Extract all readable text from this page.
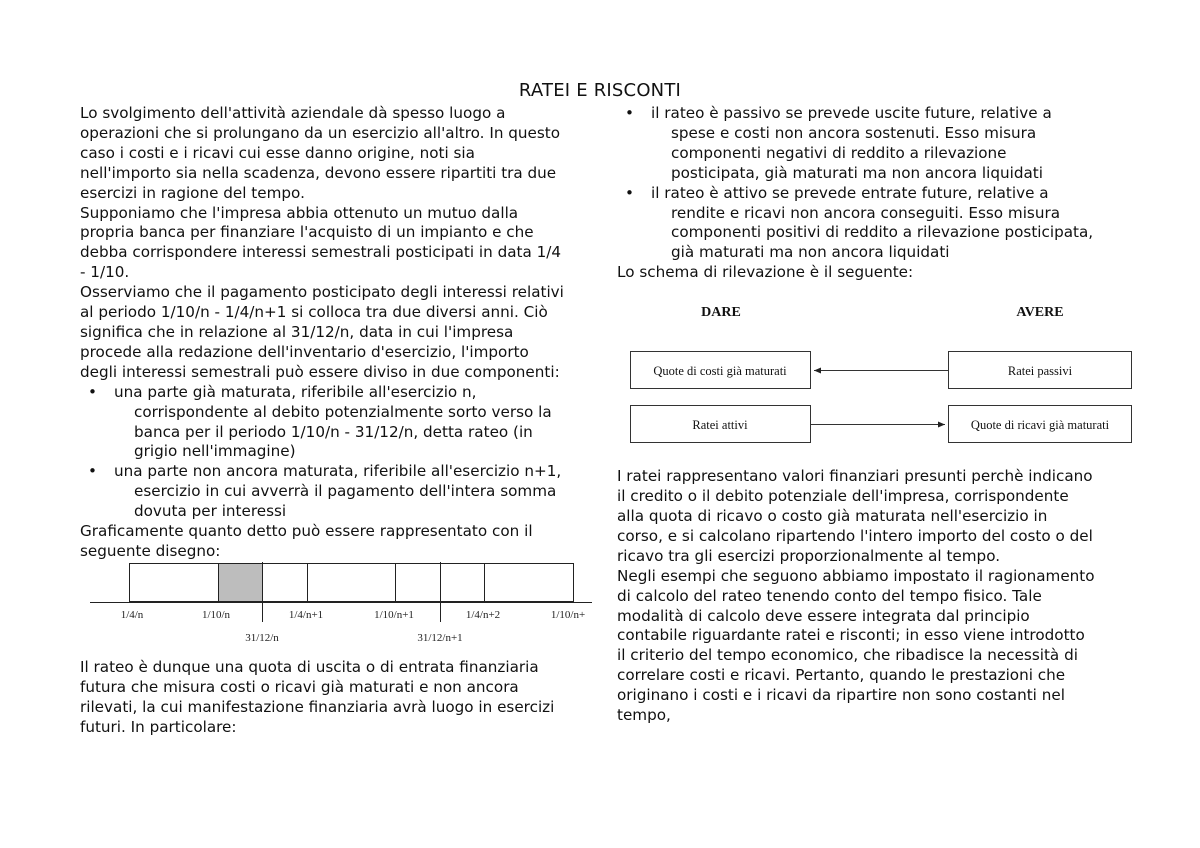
RATEI E RISCONTI

Lo svolgimento dell'attività aziendale dà spesso luogo a operazioni che si prolungano da un esercizio all'altro. In questo caso i costi e i ricavi cui esse danno origine, noti sia nell'importo sia nella scadenza, devono essere ripartiti tra due esercizi in ragione del tempo.

Supponiamo che l'impresa abbia ottenuto un mutuo dalla propria banca per finanziare l'acquisto di un impianto e che debba corrispondere interessi semestrali posticipati in data 1/4 - 1/10.

Osserviamo che il pagamento posticipato degli interessi relativi al periodo 1/10/n - 1/4/n+1 si colloca tra due diversi anni. Ciò significa che in relazione al 31/12/n, data in cui l'impresa procede alla redazione dell'inventario d'esercizio, l'importo degli interessi semestrali può essere diviso in due componenti:

• una parte già maturata, riferibile all'esercizio n, corrispondente al debito potenzialmente sorto verso la banca per il periodo 1/10/n - 31/12/n, detta rateo (in grigio nell'immagine)
• una parte non ancora maturata, riferibile all'esercizio n+1, esercizio in cui avverrà il pagamento dell'intera somma dovuta per interessi

Graficamente quanto detto può essere rappresentato con il seguente disegno:

1/4/n	1/10/n	1/4/n+1	1/10/n+1	1/4/n+2	1/10/n+
31/12/n	31/12/n+1

Il rateo è dunque una quota di uscita o di entrata finanziaria futura che misura costi o ricavi già maturati e non ancora rilevati, la cui manifestazione finanziaria avrà luogo in esercizi futuri. In particolare:

• il rateo è passivo se prevede uscite future, relative a spese e costi non ancora sostenuti. Esso misura componenti negativi di reddito a rilevazione posticipata, già maturati ma non ancora liquidati
• il rateo è attivo se prevede entrate future, relative a rendite e ricavi non ancora conseguiti. Esso misura componenti positivi di reddito a rilevazione posticipata, già maturati ma non ancora liquidati

Lo schema di rilevazione è il seguente:

DARE	AVERE
Quote di costi già maturati	Ratei passivi
Ratei attivi	Quote di ricavi già maturati

I ratei rappresentano valori finanziari presunti perchè indicano il credito o il debito potenziale dell'impresa, corrispondente alla quota di ricavo o costo già maturata nell'esercizio in corso, e si calcolano ripartendo l'intero importo del costo o del ricavo tra gli esercizi proporzionalmente al tempo.

Negli esempi che seguono abbiamo impostato il ragionamento di calcolo del rateo tenendo conto del tempo fisico. Tale modalità di calcolo deve essere integrata dal principio contabile riguardante ratei e risconti; in esso viene introdotto il criterio del tempo economico, che ribadisce la necessità di correlare costi e ricavi. Pertanto, quando le prestazioni che originano i costi e i ricavi da ripartire non sono costanti nel tempo,
